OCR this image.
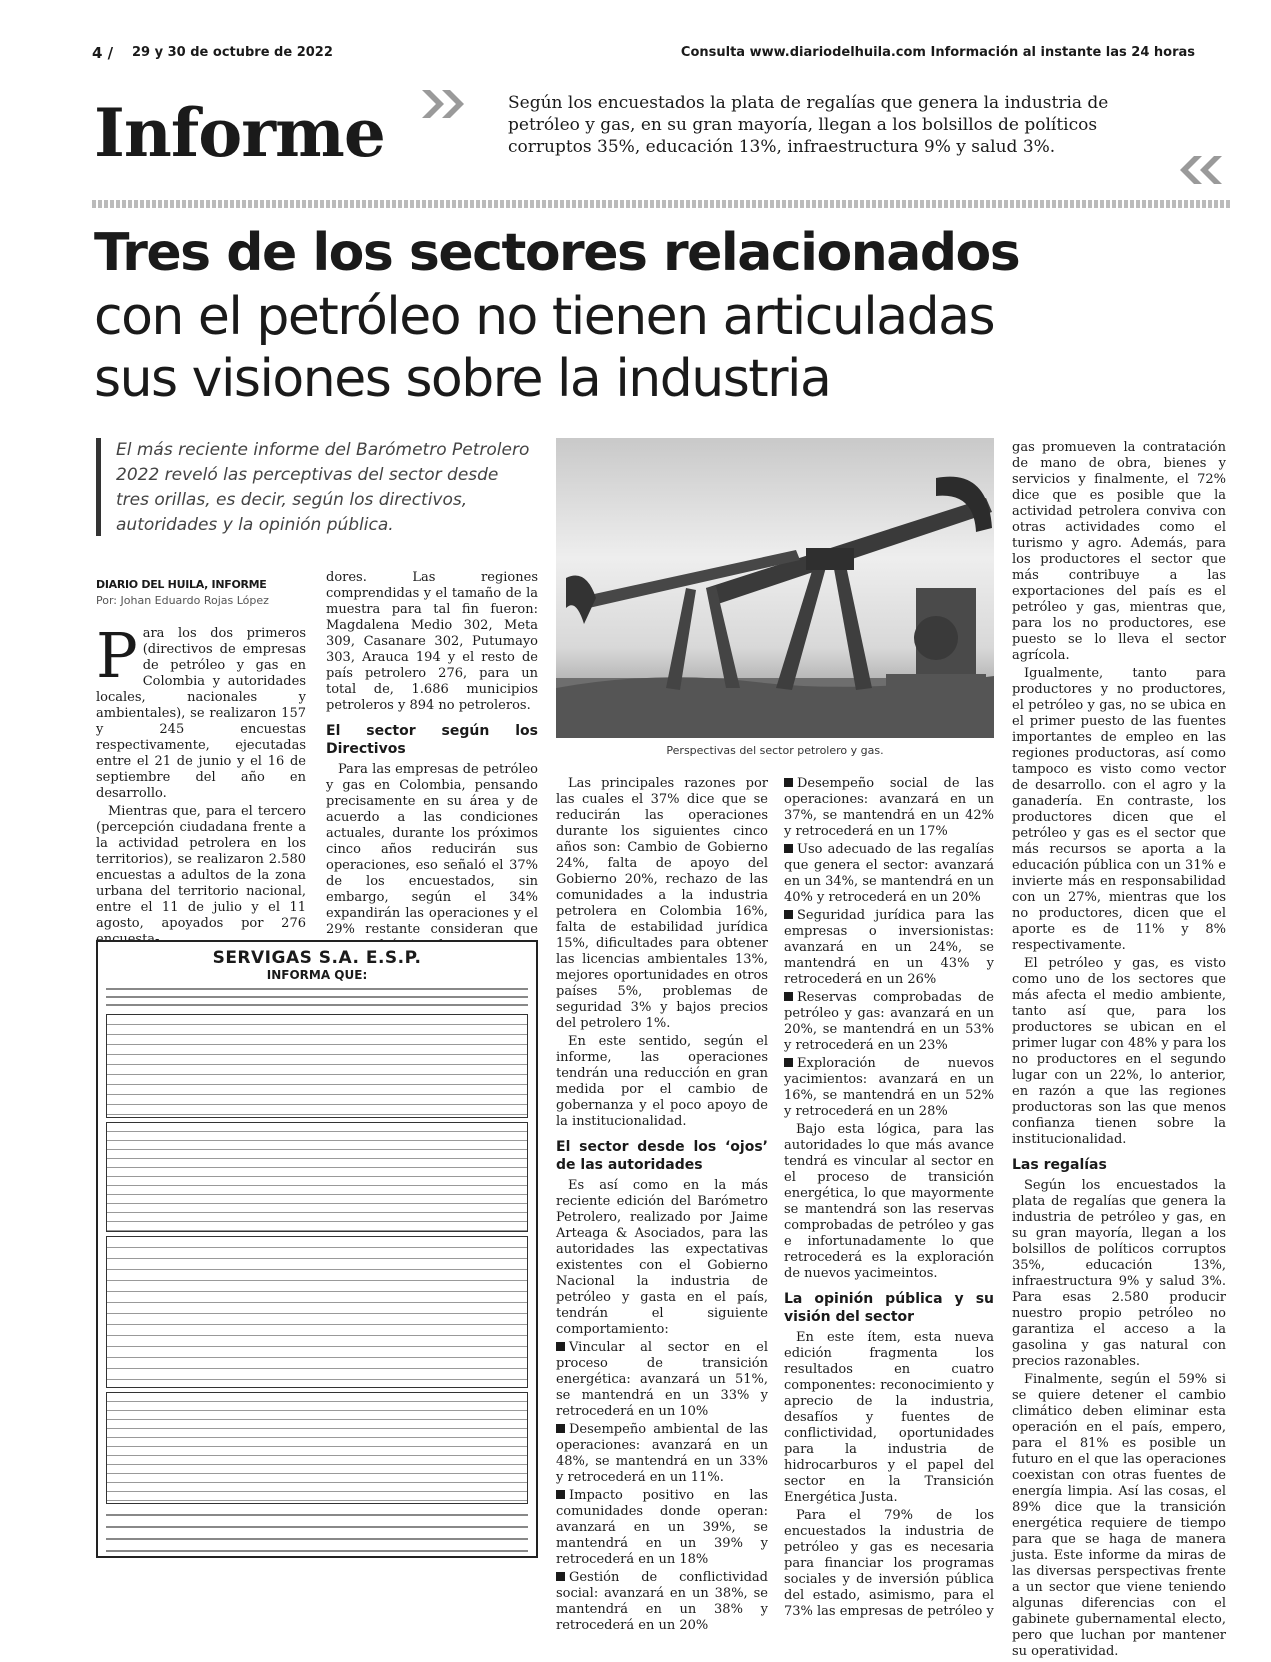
4 / 29 y 30 de octubre de 2022	Consulta www.diariodelhuila.com Información al instante las 24 horas
Informe	Según los encuestados la plata de regalías que genera la industria de petróleo y gas, en su gran mayoría, llegan a los bolsillos de políticos corruptos 35%, educación 13%, infraestructura 9% y salud 3%.
Tres de los sectores relacionados
con el petróleo no tienen articuladas
sus visiones sobre la industria
El más reciente informe del Barómetro Petrolero 2022 reveló las perceptivas del sector desde tres orillas, es decir, según los directivos, autoridades y la opinión pública.
DIARIO DEL HUILA, INFORME
Por: Johan Eduardo Rojas López
Perspectivas del sector petrolero y gas.

Para los dos primeros (directivos de empresas de petróleo y gas en Colombia y autoridades locales, nacionales y ambientales), se realizaron 157 y 245 encuestas respectivamente, ejecutadas entre el 21 de junio y el 16 de septiembre del año en desarrollo.

Mientras que, para el tercero (percepción ciudadana frente a la actividad petrolera en los territorios), se realizaron 2.580 encuestas a adultos de la zona urbana del territorio nacional, entre el 11 de julio y el 11 agosto, apoyados por 276

dores. Las regiones comprendidas y el tamaño de la muestra para tal fin fueron: Magdalena Medio 302, Meta 309, Casanare 302, Putumayo 303, Arauca 194 y el resto de país petrolero 276, para un total de, 1.686 municipios petroleros y 894 no petroleros.

El sector según los Directivos

Para las empresas de petróleo y gas en Colombia, pensando precisamente en su área y de acuerdo a las condiciones actuales, durante los próximos cinco años reducirán sus operaciones, eso señaló el 37% de los encuestados, sin embargo, según el 34% expandirán las operaciones y el 29% restante consideran que

Las principales razones por las cuales el 37% dice que se reducirán las operaciones durante los siguientes cinco años son: Cambio de Gobierno 24%, falta de apoyo del Gobierno 20%, rechazo de las comunidades a la industria petrolera en Colombia 16%, falta de estabilidad jurídica 15%, dificultades para obtener las licencias ambientales 13%, mejores oportunidades en otros países 5%, problemas de seguridad 3% y bajos precios del petrolero 1%.

En este sentido, según el informe, las operaciones tendrán una reducción en gran medida por el cambio de gobernanza y el poco apoyo de la institucionalidad.

El sector desde los ‘ojos’ de las autoridades

Es así como en la más reciente edición del Barómetro Petrolero, realizado por Jaime Arteaga & Asociados, para las autoridades las expectativas existentes con el Gobierno Nacional la industria de petróleo y gasta en el país, tendrán el siguiente comportamiento:

Vincular al sector en el proceso de transición energética: avanzará un 51%, se mantendrá en un 33% y retrocederá en un 10%

Desempeño ambiental de las operaciones: avanzará en un 48%, se mantendrá en un 33% y retrocederá en un 11%.

Impacto positivo en las comunidades donde operan: avanzará en un 39%, se mantendrá en un 39% y retrocederá en un 18%

Gestión de conflictividad social: avanzará en un 38%, se mantendrá en un 38% y retrocederá en un 20%

Desempeño social de las operaciones: avanzará en un 37%, se mantendrá en un 42% y retrocederá en un 17%

Uso adecuado de las regalías que genera el sector: avanzará en un 34%, se mantendrá en un 40% y retrocederá en un 20%

Seguridad jurídica para las empresas o inversionistas: avanzará en un 24%, se mantendrá en un 43% y retrocederá en un 26%

Reservas comprobadas de petróleo y gas: avanzará en un 20%, se mantendrá en un 53% y retrocederá en un 23%

Exploración de nuevos yacimientos: avanzará en un 16%, se mantendrá en un 52% y retrocederá en un 28%

Bajo esta lógica, para las autoridades lo que más avance tendrá es vincular al sector en el proceso de transición energética, lo que mayormente se mantendrá son las reservas comprobadas de petróleo y gas e infortunadamente lo que retrocederá es la exploración de nuevos yacimeintos.

La opinión pública y su visión del sector

En este ítem, esta nueva edición fragmenta los resultados en cuatro componentes: reconocimiento y aprecio de la industria, desafíos y fuentes de conflictividad, oportunidades para la industria de hidrocarburos y el papel del sector en la Transición Energética Justa.

Para el 79% de los encuestados la industria de petróleo y gas es necesaria para financiar los programas sociales y de inversión pública del estado, asimismo, para el 73% las empresas de petróleo y

gas promueven la contratación de mano de obra, bienes y servicios y finalmente, el 72% dice que es posible que la actividad petrolera conviva con otras actividades como el turismo y agro. Además, para los productores el sector que más contribuye a las exportaciones del país es el petróleo y gas, mientras que, para los no productores, ese puesto se lo lleva el sector agrícola.

Igualmente, tanto para productores y no productores, el petróleo y gas, no se ubica en el primer puesto de las fuentes importantes de empleo en las regiones productoras, así como tampoco es visto como vector de desarrollo. con el agro y la ganadería. En contraste, los productores dicen que el petróleo y gas es el sector que más recursos se aporta a la educación pública con un 31% e invierte más en responsabilidad con un 27%, mientras que los no productores, dicen que el aporte es de 11% y 8% respectivamente.

El petróleo y gas, es visto como uno de los sectores que más afecta el medio ambiente, tanto así que, para los productores se ubican en el primer lugar con 48% y para los no productores en el segundo lugar con un 22%, lo anterior, en razón a que las regiones productoras son las que menos confianza tienen sobre la institucionalidad.

Las regalías

Según los encuestados la plata de regalías que genera la industria de petróleo y gas, en su gran mayoría, llegan a los bolsillos de políticos corruptos 35%, educación 13%, infraestructura 9% y salud 3%. Para esas 2.580 producir nuestro propio petróleo no garantiza el acceso a la gasolina y gas natural con precios razonables.

Finalmente, según el 59% si se quiere detener el cambio climático deben eliminar esta operación en el país, empero, para el 81% es posible un futuro en el que las operaciones coexistan con otras fuentes de energía limpia. Así las cosas, el 89% dice que la transición energética requiere de tiempo para que se haga de manera justa. Este informe da miras de las diversas perspectivas frente a un sector que viene teniendo algunas diferencias con el gabinete gubernamental electo, pero que luchan por mantener su operatividad.

SERVIGAS S.A. E.S.P.
INFORMA QUE:
